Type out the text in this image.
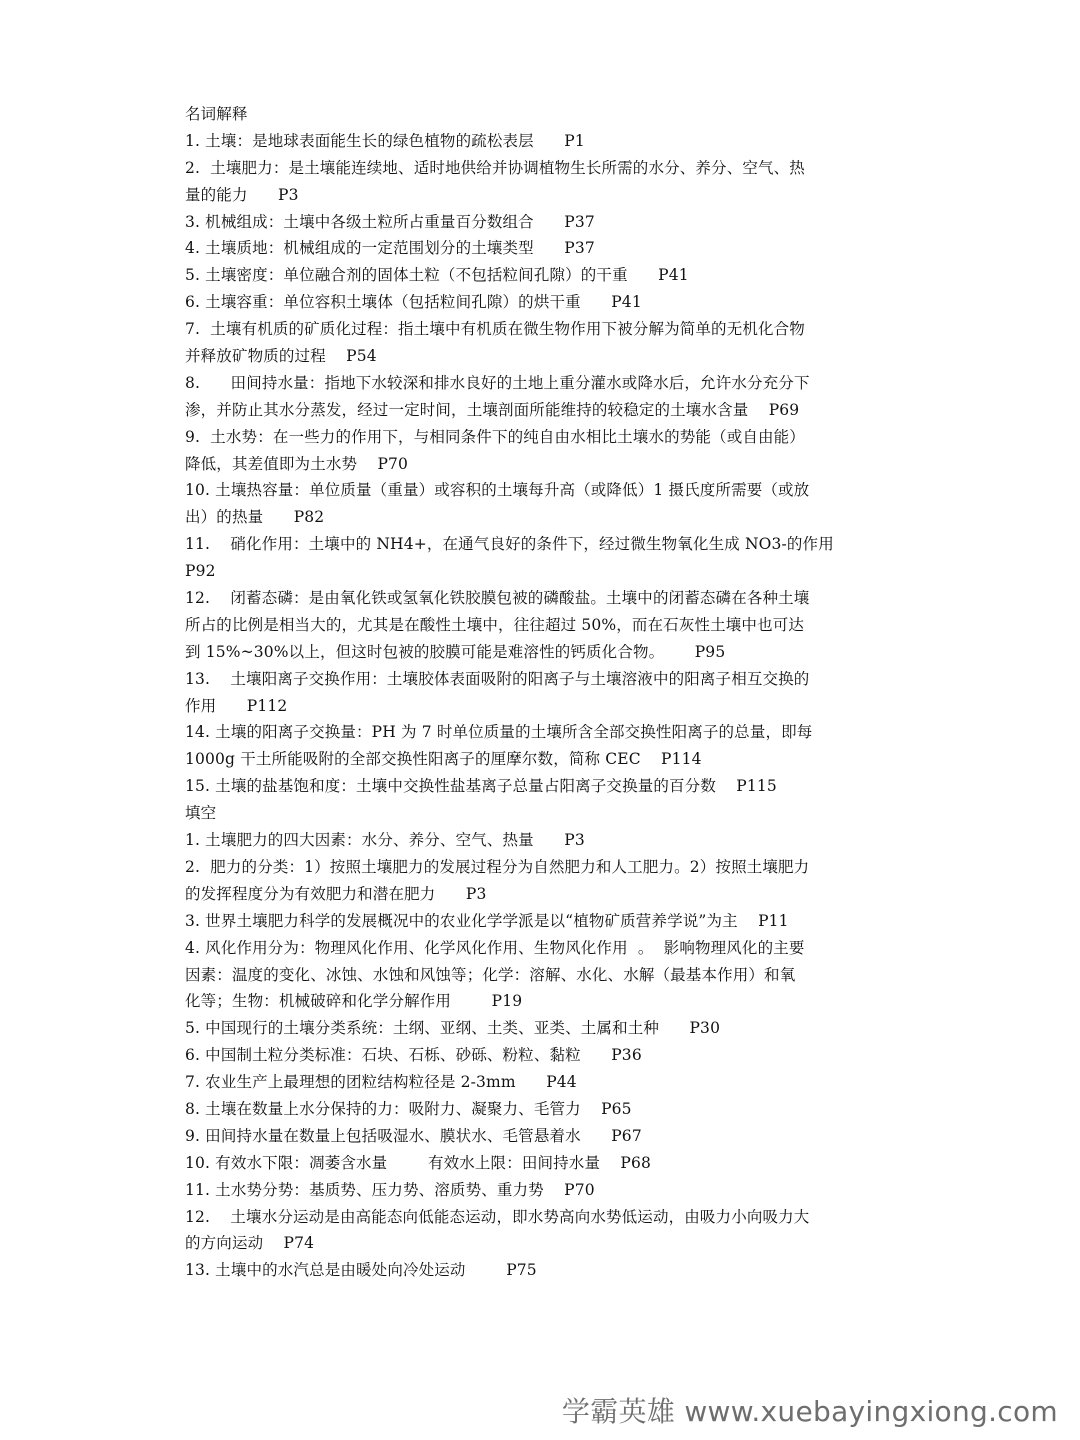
名词解释
1. 土壤：是地球表面能生长的绿色植物的疏松表层      P1
2.  土壤肥力：是土壤能连续地、适时地供给并协调植物生长所需的水分、养分、空气、热
量的能力      P3
3. 机械组成：土壤中各级土粒所占重量百分数组合      P37
4. 土壤质地：机械组成的一定范围划分的土壤类型      P37
5. 土壤密度：单位融合剂的固体土粒（不包括粒间孔隙）的干重      P41
6. 土壤容重：单位容积土壤体（包括粒间孔隙）的烘干重      P41
7.  土壤有机质的矿质化过程：指土壤中有机质在微生物作用下被分解为简单的无机化合物
并释放矿物质的过程    P54
8.      田间持水量：指地下水较深和排水良好的土地上重分灌水或降水后，允许水分充分下
渗，并防止其水分蒸发，经过一定时间，土壤剖面所能维持的较稳定的土壤水含量    P69
9.  土水势：在一些力的作用下，与相同条件下的纯自由水相比土壤水的势能（或自由能）
降低，其差值即为土水势    P70
10. 土壤热容量：单位质量（重量）或容积的土壤每升高（或降低）1 摄氏度所需要（或放
出）的热量      P82
11.    硝化作用：土壤中的 NH4+，在通气良好的条件下，经过微生物氧化生成 NO3-的作用
P92
12.    闭蓄态磷：是由氧化铁或氢氧化铁胶膜包被的磷酸盐。土壤中的闭蓄态磷在各种土壤
所占的比例是相当大的，尤其是在酸性土壤中，往往超过 50%，而在石灰性土壤中也可达
到 15%~30%以上，但这时包被的胶膜可能是难溶性的钙质化合物。      P95
13.    土壤阳离子交换作用：土壤胶体表面吸附的阳离子与土壤溶液中的阳离子相互交换的
作用      P112
14. 土壤的阳离子交换量：PH 为 7 时单位质量的土壤所含全部交换性阳离子的总量，即每
1000g 干土所能吸附的全部交换性阳离子的厘摩尔数，简称 CEC    P114
15. 土壤的盐基饱和度：土壤中交换性盐基离子总量占阳离子交换量的百分数    P115
填空
1. 土壤肥力的四大因素：水分、养分、空气、热量      P3
2.  肥力的分类：1）按照土壤肥力的发展过程分为自然肥力和人工肥力。2）按照土壤肥力
的发挥程度分为有效肥力和潜在肥力      P3
3. 世界土壤肥力科学的发展概况中的农业化学学派是以“植物矿质营养学说”为主    P11
4. 风化作用分为：物理风化作用、化学风化作用、生物风化作用  。  影响物理风化的主要
因素：温度的变化、冰蚀、水蚀和风蚀等；化学：溶解、水化、水解（最基本作用）和氧
化等；生物：机械破碎和化学分解作用        P19
5. 中国现行的土壤分类系统：土纲、亚纲、土类、亚类、土属和土种      P30
6. 中国制土粒分类标准：石块、石栎、砂砾、粉粒、黏粒      P36
7. 农业生产上最理想的团粒结构粒径是 2-3mm      P44
8. 土壤在数量上水分保持的力：吸附力、凝聚力、毛管力    P65
9. 田间持水量在数量上包括吸湿水、膜状水、毛管悬着水      P67
10. 有效水下限：凋萎含水量        有效水上限：田间持水量    P68
11. 土水势分势：基质势、压力势、溶质势、重力势    P70
12.    土壤水分运动是由高能态向低能态运动，即水势高向水势低运动，由吸力小向吸力大
的方向运动    P74
13. 土壤中的水汽总是由暖处向冷处运动        P75
学霸英雄 www.xuebayingxiong.com
